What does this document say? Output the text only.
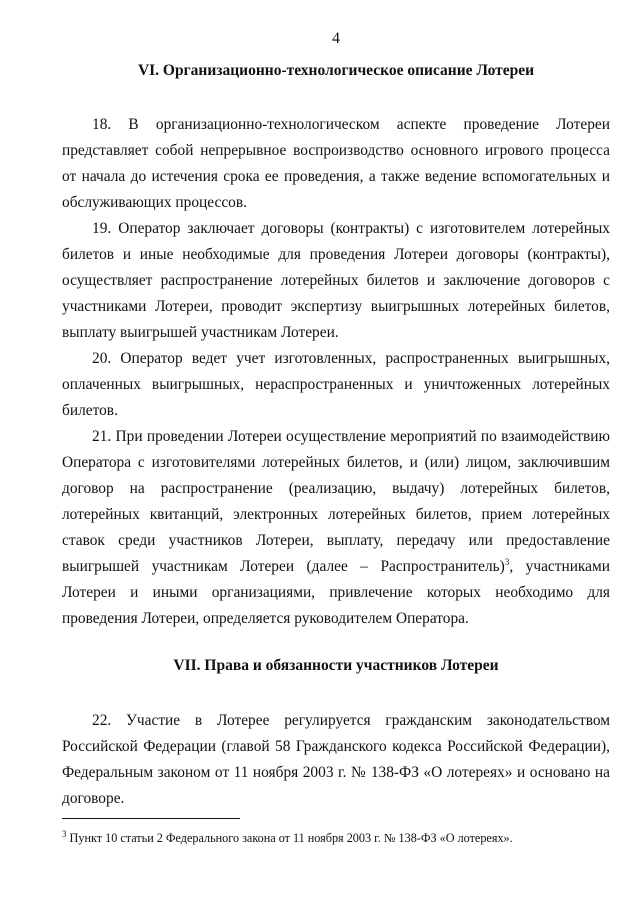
4
VI. Организационно-технологическое описание Лотереи

18. В организационно-технологическом аспекте проведение Лотереи представляет собой непрерывное воспроизводство основного игрового процесса от начала до истечения срока ее проведения, а также ведение вспомогательных и обслуживающих процессов.

19. Оператор заключает договоры (контракты) с изготовителем лотерейных билетов и иные необходимые для проведения Лотереи договоры (контракты), осуществляет распространение лотерейных билетов и заключение договоров с участниками Лотереи, проводит экспертизу выигрышных лотерейных билетов, выплату выигрышей участникам Лотереи.

20. Оператор ведет учет изготовленных, распространенных выигрышных, оплаченных выигрышных, нераспространенных и уничтоженных лотерейных билетов.

21. При проведении Лотереи осуществление мероприятий по взаимодействию Оператора с изготовителями лотерейных билетов, и (или) лицом, заключившим договор на распространение (реализацию, выдачу) лотерейных билетов, лотерейных квитанций, электронных лотерейных билетов, прием лотерейных ставок среди участников Лотереи, выплату, передачу или предоставление выигрышей участникам Лотереи (далее – Распространитель)$^3$, участниками Лотереи и иными организациями, привлечение которых необходимо для проведения Лотереи, определяется руководителем Оператора.

VII. Права и обязанности участников Лотереи

22. Участие в Лотерее регулируется гражданским законодательством Российской Федерации (главой 58 Гражданского кодекса Российской Федерации), Федеральным законом от 11 ноября 2003 г. № 138-ФЗ «О лотереях» и основано на договоре.

$^3$ Пункт 10 статьи 2 Федерального закона от 11 ноября 2003 г. № 138-ФЗ «О лотереях».
